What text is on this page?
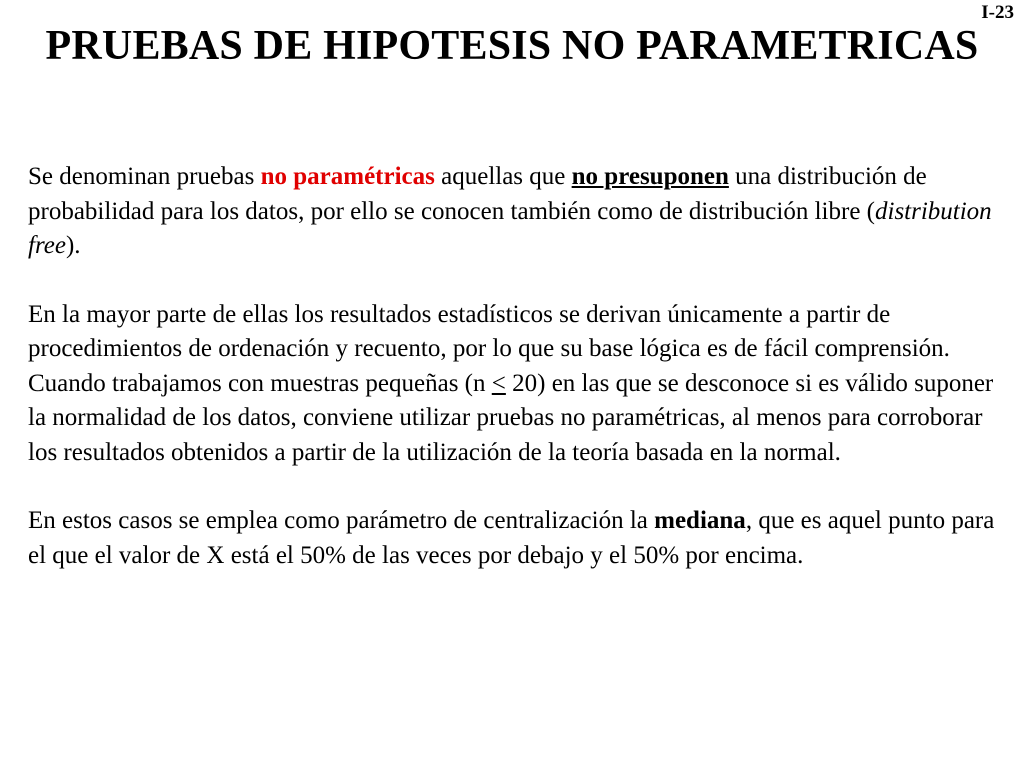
I-23
PRUEBAS DE HIPOTESIS NO PARAMETRICAS

Se denominan pruebas no paramétricas aquellas que no presuponen una distribución de probabilidad para los datos, por ello se conocen también como de distribución libre (distribution free).

En la mayor parte de ellas los resultados estadísticos se derivan únicamente a partir de procedimientos de ordenación y recuento, por lo que su base lógica es de fácil comprensión. Cuando trabajamos con muestras pequeñas (n ≤ 20) en las que se desconoce si es válido suponer la normalidad de los datos, conviene utilizar pruebas no paramétricas, al menos para corroborar los resultados obtenidos a partir de la utilización de la teoría basada en la normal.

En estos casos se emplea como parámetro de centralización la mediana, que es aquel punto para el que el valor de X está el 50% de las veces por debajo y el 50% por encima.
